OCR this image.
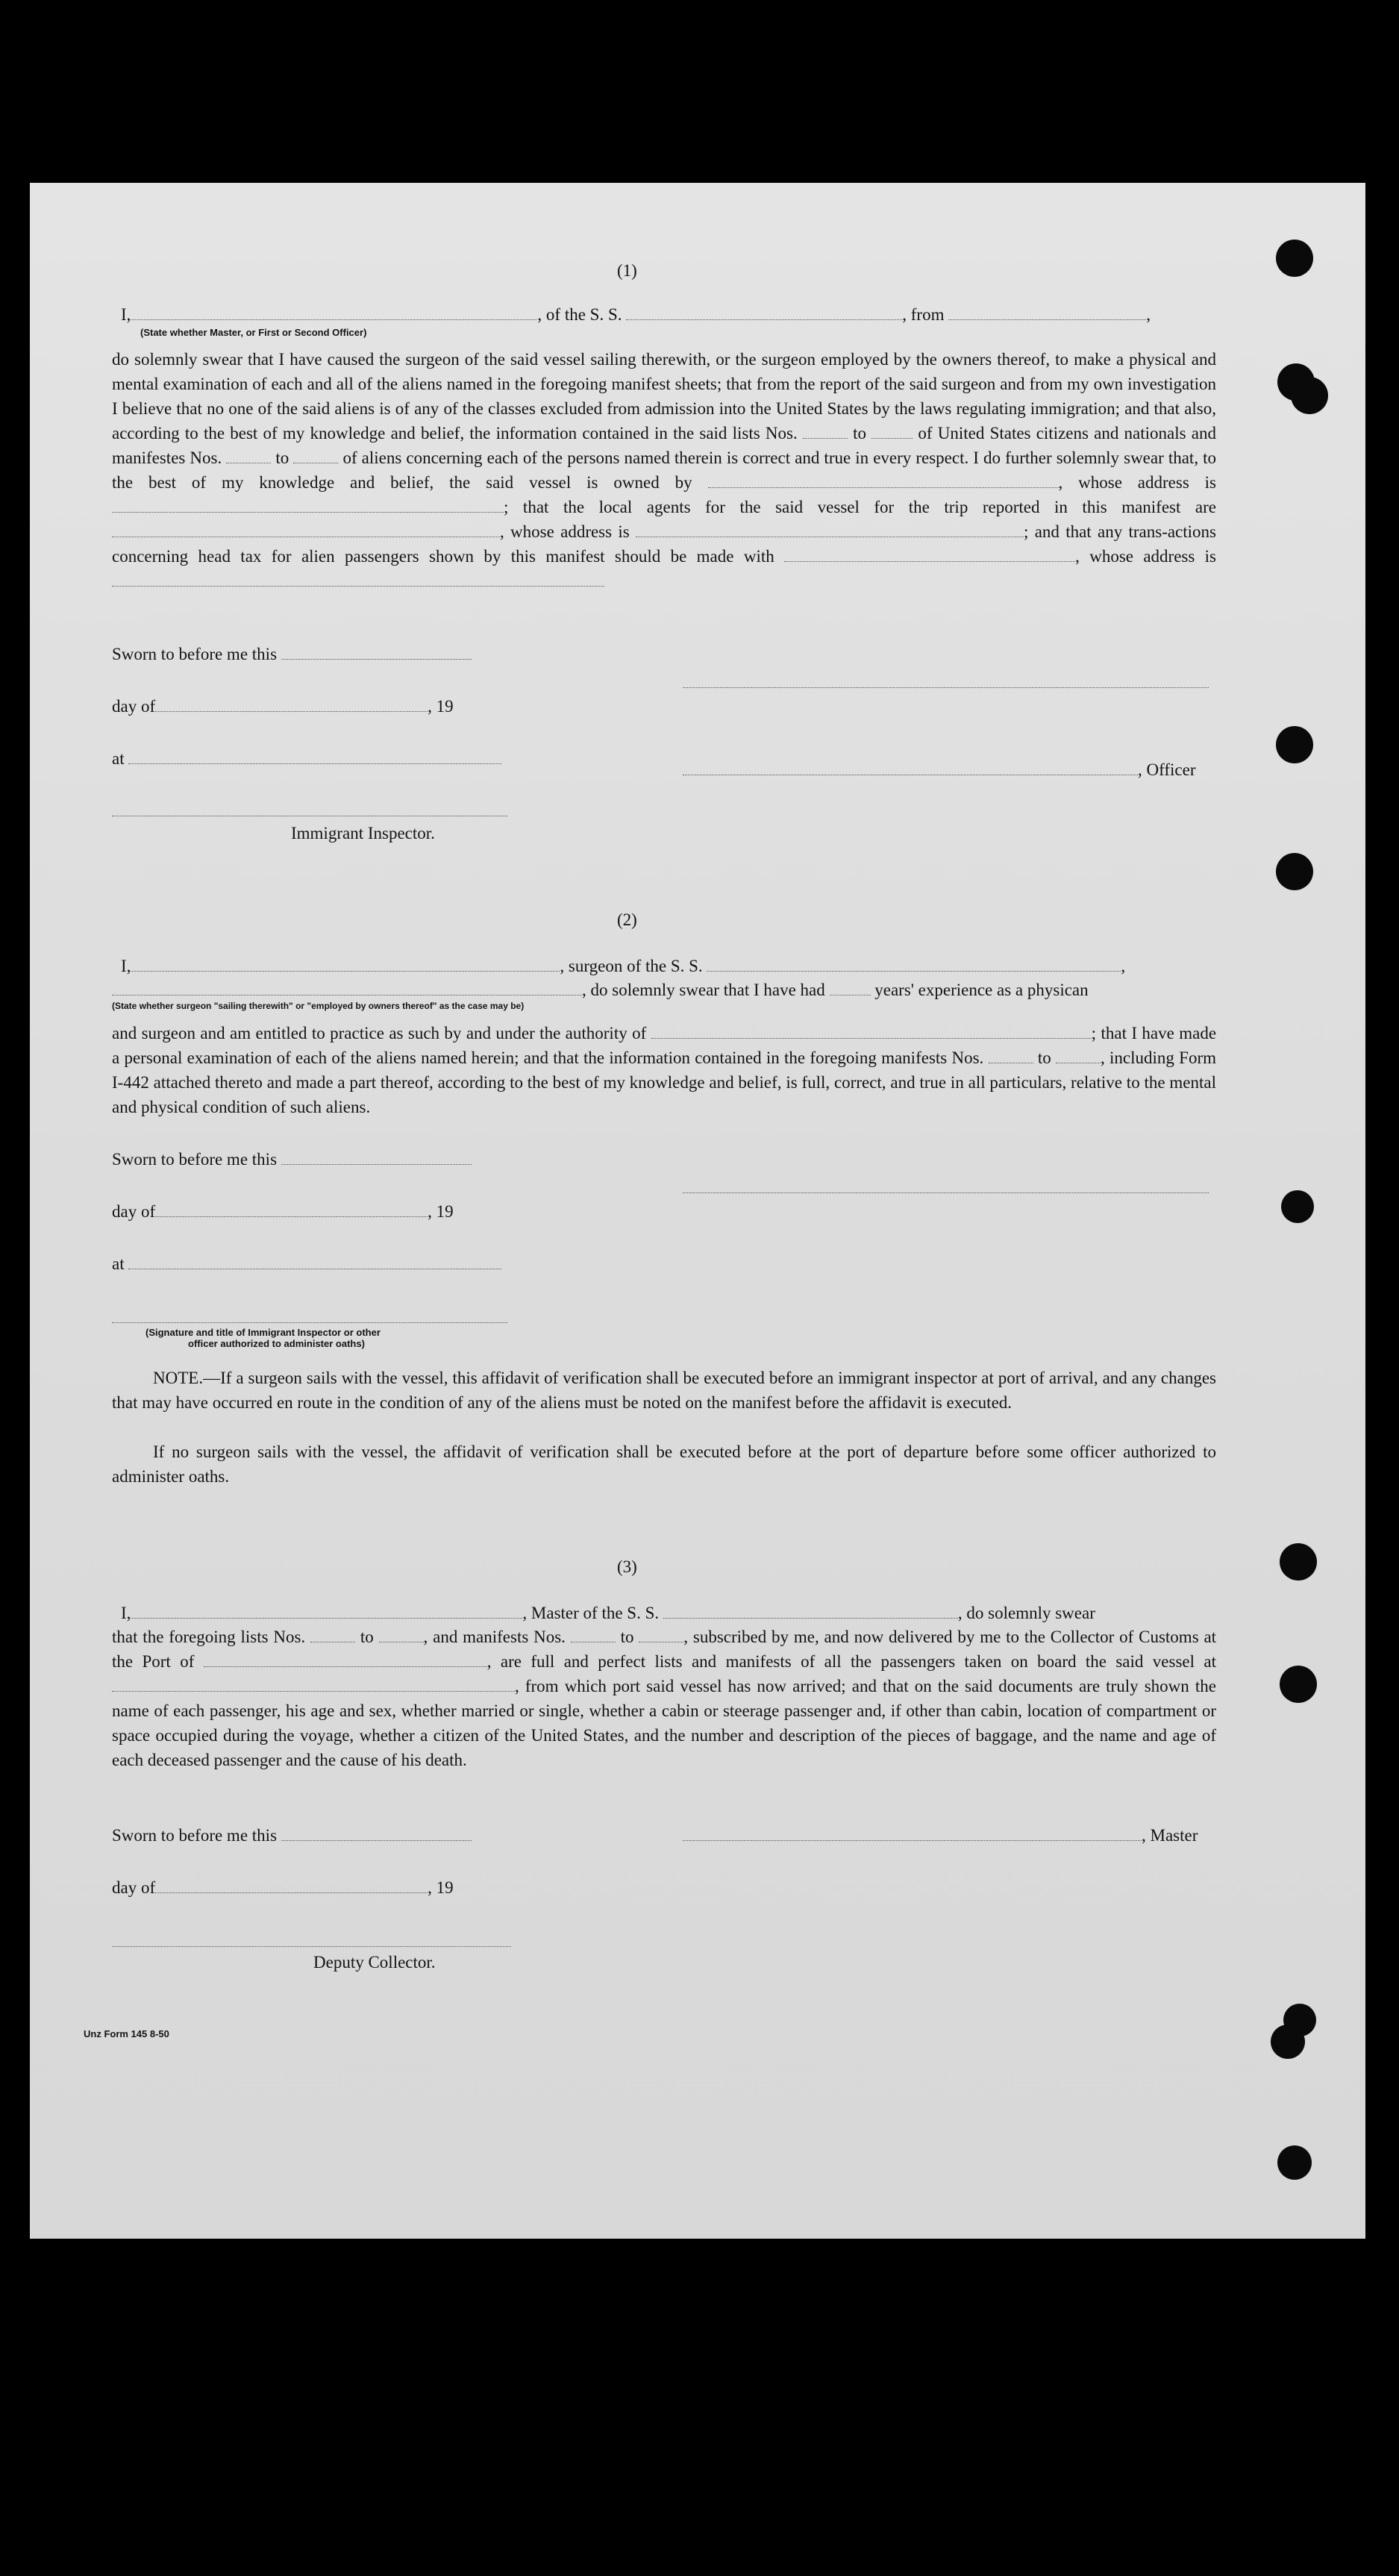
(1)
I,	, of the S. S.	, from	,
(State whether Master, or First or Second Officer)
do solemnly swear that I have caused the surgeon of the said vessel sailing therewith, or the surgeon employed by the owners thereof, to make a physical and mental examination of each and all of the aliens named in the foregoing manifest sheets; that from the report of the said surgeon and from my own investigation I believe that no one of the said aliens is of any of the classes excluded from admission into the United States by the laws regulating immigration; and that also, according to the best of my knowledge and belief, the information contained in the said lists Nos.	to	of United States citizens and nationals and manifestes Nos.	to	of aliens concerning each of the persons named therein is correct and true in every respect. I do further solemnly swear that, to the best of my knowledge and belief, the said vessel is owned by	, whose address is ; that the local agents for the said vessel for the trip reported in this manifest are , whose address is	; and that any trans-actions concerning head tax for alien passengers shown by this manifest should be made with	, whose address is
Sworn to before me this
day of	, 19
at
, Officer
Immigrant Inspector.
(2)
I,	, surgeon of the S. S.	,
, do solemnly swear that I have had	years' experience as a physican
(State whether surgeon "sailing therewith" or "employed by owners thereof" as the case may be)
and surgeon and am entitled to practice as such by and under the authority of	; that I have made a personal examination of each of the aliens named herein; and that the information contained in the foregoing manifests Nos.	to	, including Form I-442 attached thereto and made a part thereof, according to the best of my knowledge and belief, is full, correct, and true in all particulars, relative to the mental and physical condition of such aliens.
Sworn to before me this
day of	, 19
at
(Signature and title of Immigrant Inspector or other
officer authorized to administer oaths)
NOTE.—If a surgeon sails with the vessel, this affidavit of verification shall be executed before an immigrant inspector at port of arrival, and any changes that may have occurred en route in the condition of any of the aliens must be noted on the manifest before the affidavit is executed.
If no surgeon sails with the vessel, the affidavit of verification shall be executed before at the port of departure before some officer authorized to administer oaths.
(3)
I,	, Master of the S. S.	, do solemnly swear
that the foregoing lists Nos.	to	, and manifests Nos.	to	, subscribed by me, and now delivered by me to the Collector of Customs at the Port of	, are full and perfect lists and manifests of all the passengers taken on board the said vessel at , from which port said vessel has now arrived; and that on the said documents are truly shown the name of each passenger, his age and sex, whether married or single, whether a cabin or steerage passenger and, if other than cabin, location of compartment or space occupied during the voyage, whether a citizen of the United States, and the number and description of the pieces of baggage, and the name and age of each deceased passenger and the cause of his death.
Sworn to before me this	, Master
day of	, 19
Deputy Collector.
Unz Form 145 8-50
